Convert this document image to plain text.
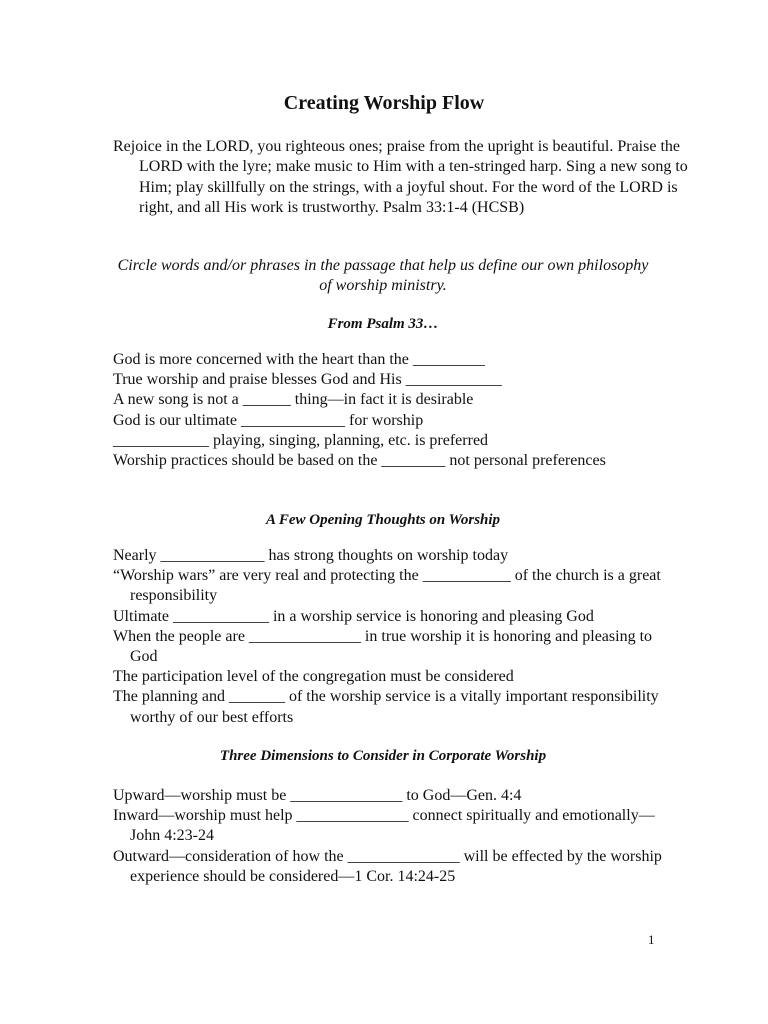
Creating Worship Flow
Rejoice in the LORD, you righteous ones; praise from the upright is beautiful. Praise the LORD with the lyre; make music to Him with a ten-stringed harp. Sing a new song to Him; play skillfully on the strings, with a joyful shout. For the word of the LORD is right, and all His work is trustworthy. Psalm 33:1-4 (HCSB)
Circle words and/or phrases in the passage that help us define our own philosophy of worship ministry.
From Psalm 33…
God is more concerned with the heart than the _________
True worship and praise blesses God and His ____________
A new song is not a ______ thing—in fact it is desirable
God is our ultimate _____________ for worship
____________ playing, singing, planning, etc. is preferred
Worship practices should be based on the ________ not personal preferences
A Few Opening Thoughts on Worship
Nearly _____________ has strong thoughts on worship today
“Worship wars” are very real and protecting the ___________ of the church is a great responsibility
Ultimate ____________ in a worship service is honoring and pleasing God
When the people are ______________ in true worship it is honoring and pleasing to God
The participation level of the congregation must be considered
The planning and _______ of the worship service is a vitally important responsibility worthy of our best efforts
Three Dimensions to Consider in Corporate Worship
Upward—worship must be ______________ to God—Gen. 4:4
Inward—worship must help ______________ connect spiritually and emotionally—John 4:23-24
Outward—consideration of how the ______________ will be effected by the worship experience should be considered—1 Cor. 14:24-25
1
